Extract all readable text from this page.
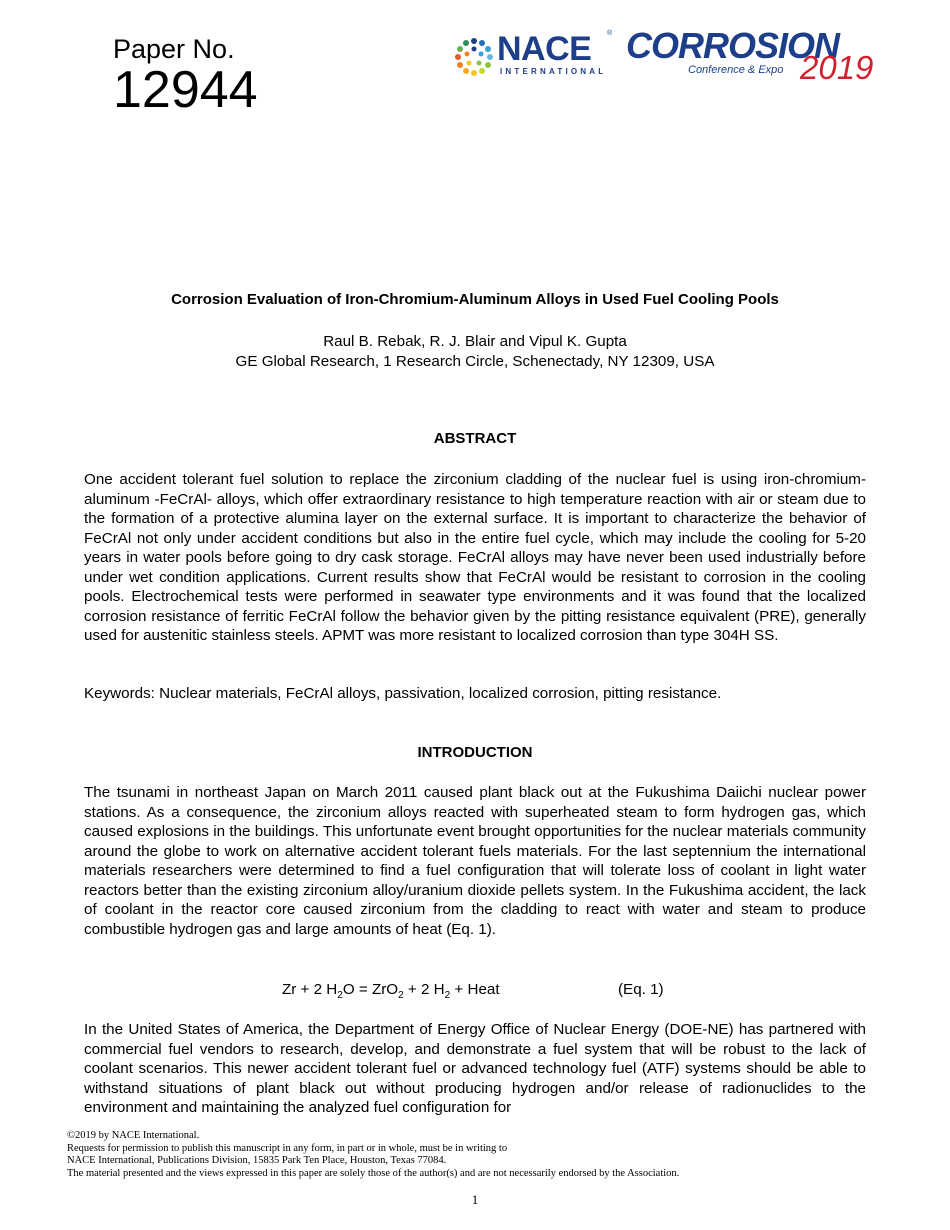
Paper No.
12944
NACE ®
INTERNATIONAL
CORROSION
Conference & Expo 2019
Corrosion Evaluation of Iron-Chromium-Aluminum Alloys in Used Fuel Cooling Pools
Raul B. Rebak, R. J. Blair and Vipul K. Gupta
GE Global Research, 1 Research Circle, Schenectady, NY 12309, USA
ABSTRACT

One accident tolerant fuel solution to replace the zirconium cladding of the nuclear fuel is using iron-chromium-aluminum -FeCrAl- alloys, which offer extraordinary resistance to high temperature reaction with air or steam due to the formation of a protective alumina layer on the external surface. It is important to characterize the behavior of FeCrAl not only under accident conditions but also in the entire fuel cycle, which may include the cooling for 5-20 years in water pools before going to dry cask storage. FeCrAl alloys may have never been used industrially before under wet condition applications. Current results show that FeCrAl would be resistant to corrosion in the cooling pools. Electrochemical tests were performed in seawater type environments and it was found that the localized corrosion resistance of ferritic FeCrAl follow the behavior given by the pitting resistance equivalent (PRE), generally used for austenitic stainless steels. APMT was more resistant to localized corrosion than type 304H SS.

Keywords: Nuclear materials, FeCrAl alloys, passivation, localized corrosion, pitting resistance.

INTRODUCTION

The tsunami in northeast Japan on March 2011 caused plant black out at the Fukushima Daiichi nuclear power stations. As a consequence, the zirconium alloys reacted with superheated steam to form hydrogen gas, which caused explosions in the buildings. This unfortunate event brought opportunities for the nuclear materials community around the globe to work on alternative accident tolerant fuels materials. For the last septennium the international materials researchers were determined to find a fuel configuration that will tolerate loss of coolant in light water reactors better than the existing zirconium alloy/uranium dioxide pellets system. In the Fukushima accident, the lack of coolant in the reactor core caused zirconium from the cladding to react with water and steam to produce combustible hydrogen gas and large amounts of heat (Eq. 1).

Zr + 2 $H_2O = ZrO_2 + 2$ $H_2$ + Heat	(Eq. 1)

In the United States of America, the Department of Energy Office of Nuclear Energy (DOE-NE) has partnered with commercial fuel vendors to research, develop, and demonstrate a fuel system that will be robust to the lack of coolant scenarios. This newer accident tolerant fuel or advanced technology fuel (ATF) systems should be able to withstand situations of plant black out without producing hydrogen and/or release of radionuclides to the environment and maintaining the analyzed fuel configuration for

©2019 by NACE International.
Requests for permission to publish this manuscript in any form, in part or in whole, must be in writing to
NACE International, Publications Division, 15835 Park Ten Place, Houston, Texas 77084.
The material presented and the views expressed in this paper are solely those of the author(s) and are not necessarily endorsed by the Association.
1
